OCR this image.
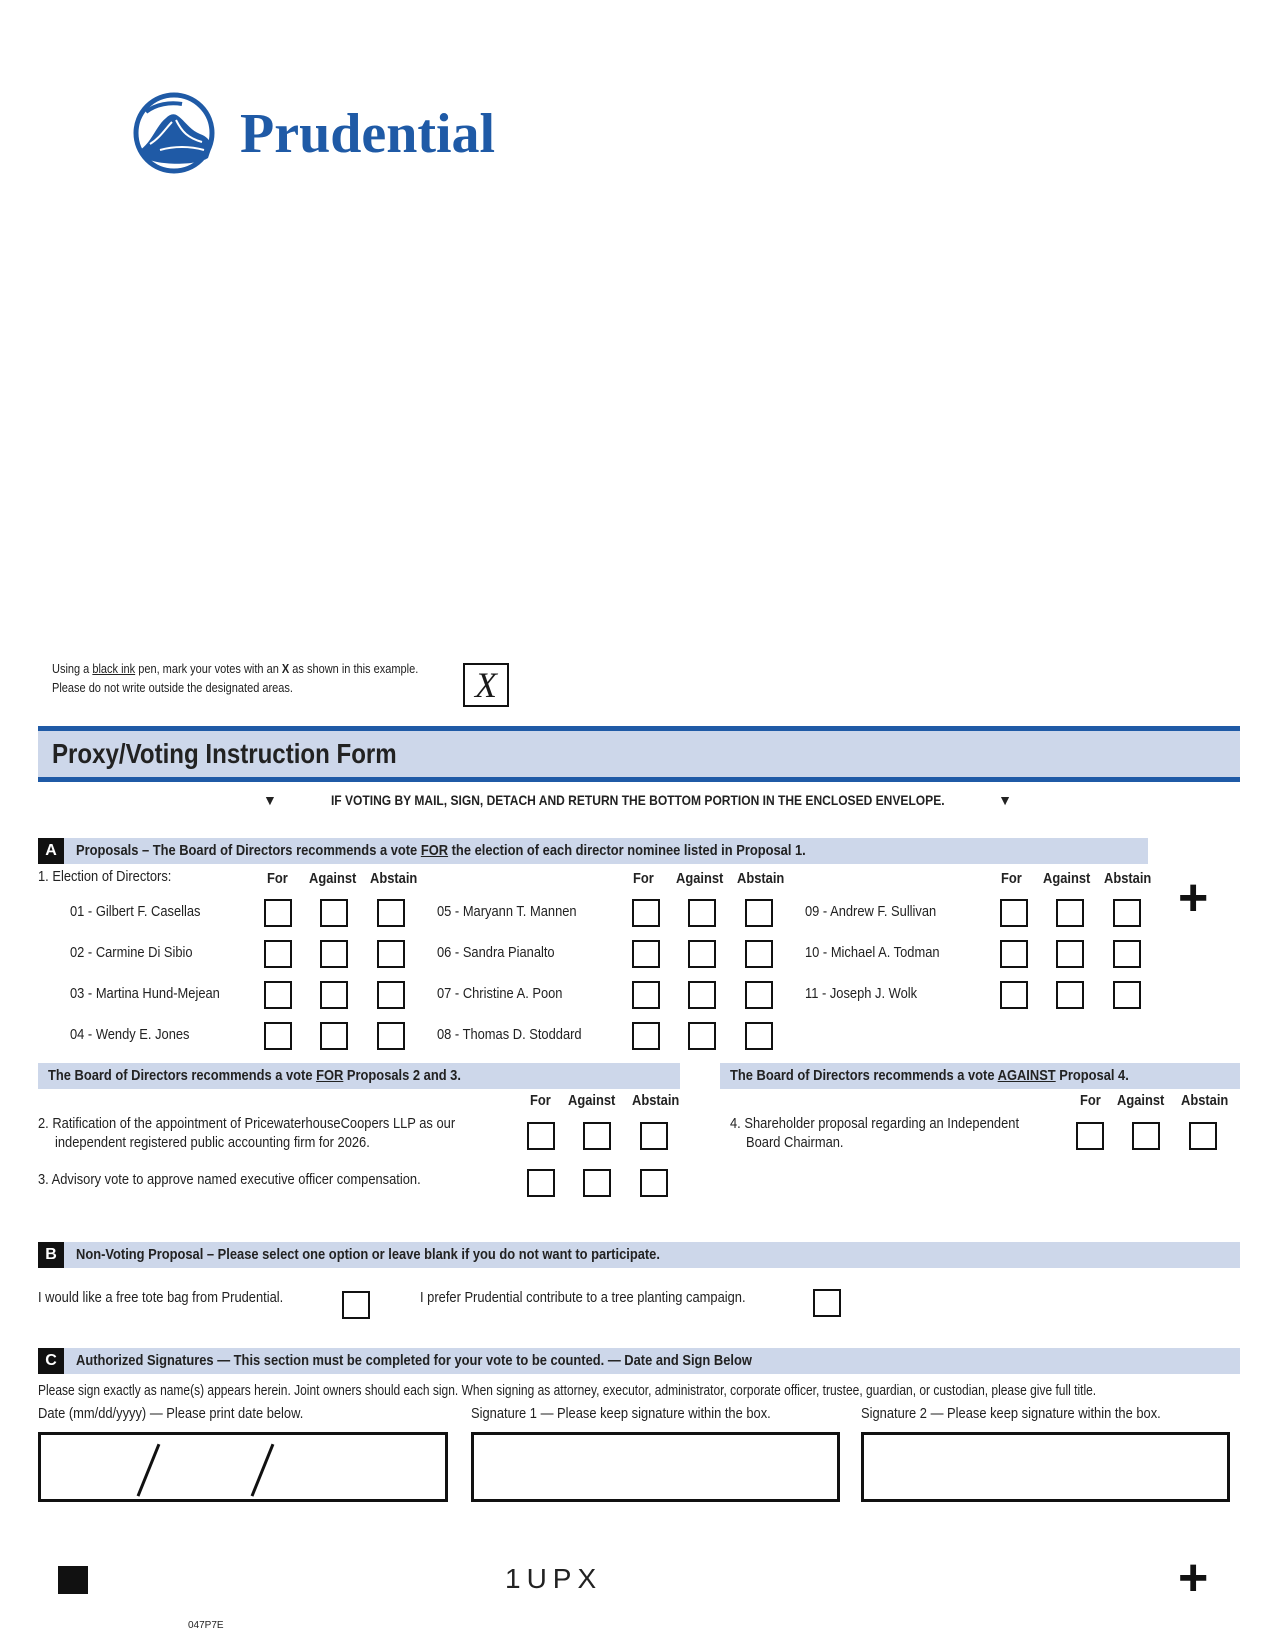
Prudential
Using a black ink pen, mark your votes with an X as shown in this example.
Please do not write outside the designated areas.	X
Proxy/Voting Instruction Form
▼	IF VOTING BY MAIL, SIGN, DETACH AND RETURN THE BOTTOM PORTION IN THE ENCLOSED ENVELOPE.	▼
A	Proposals – The Board of Directors recommends a vote FOR the election of each director nominee listed in Proposal 1.
1. Election of Directors:	For Against Abstain	For Against Abstain	For Against Abstain +
01 - Gilbert F. Casellas
02 - Carmine Di Sibio
03 - Martina Hund-Mejean
04 - Wendy E. Jones
05 - Maryann T. Mannen
06 - Sandra Pianalto
07 - Christine A. Poon
08 - Thomas D. Stoddard
09 - Andrew F. Sullivan
10 - Michael A. Todman
11 - Joseph J. Wolk
The Board of Directors recommends a vote FOR Proposals 2 and 3.	The Board of Directors recommends a vote AGAINST Proposal 4.
For Against Abstain
2. Ratification of the appointment of PricewaterhouseCoopers LLP as our
independent registered public accounting firm for 2026.
3. Advisory vote to approve named executive officer compensation.
For Against Abstain
4. Shareholder proposal regarding an Independent
Board Chairman.
B	Non-Voting Proposal – Please select one option or leave blank if you do not want to participate.
I would like a free tote bag from Prudential.	I prefer Prudential contribute to a tree planting campaign.
C	Authorized Signatures — This section must be completed for your vote to be counted. — Date and Sign Below
Please sign exactly as name(s) appears herein. Joint owners should each sign. When signing as attorney, executor, administrator, corporate officer, trustee, guardian, or custodian, please give full title.
Date (mm/dd/yyyy) — Please print date below.	Signature 1 — Please keep signature within the box.	Signature 2 — Please keep signature within the box.
1UPX	+
047P7E
